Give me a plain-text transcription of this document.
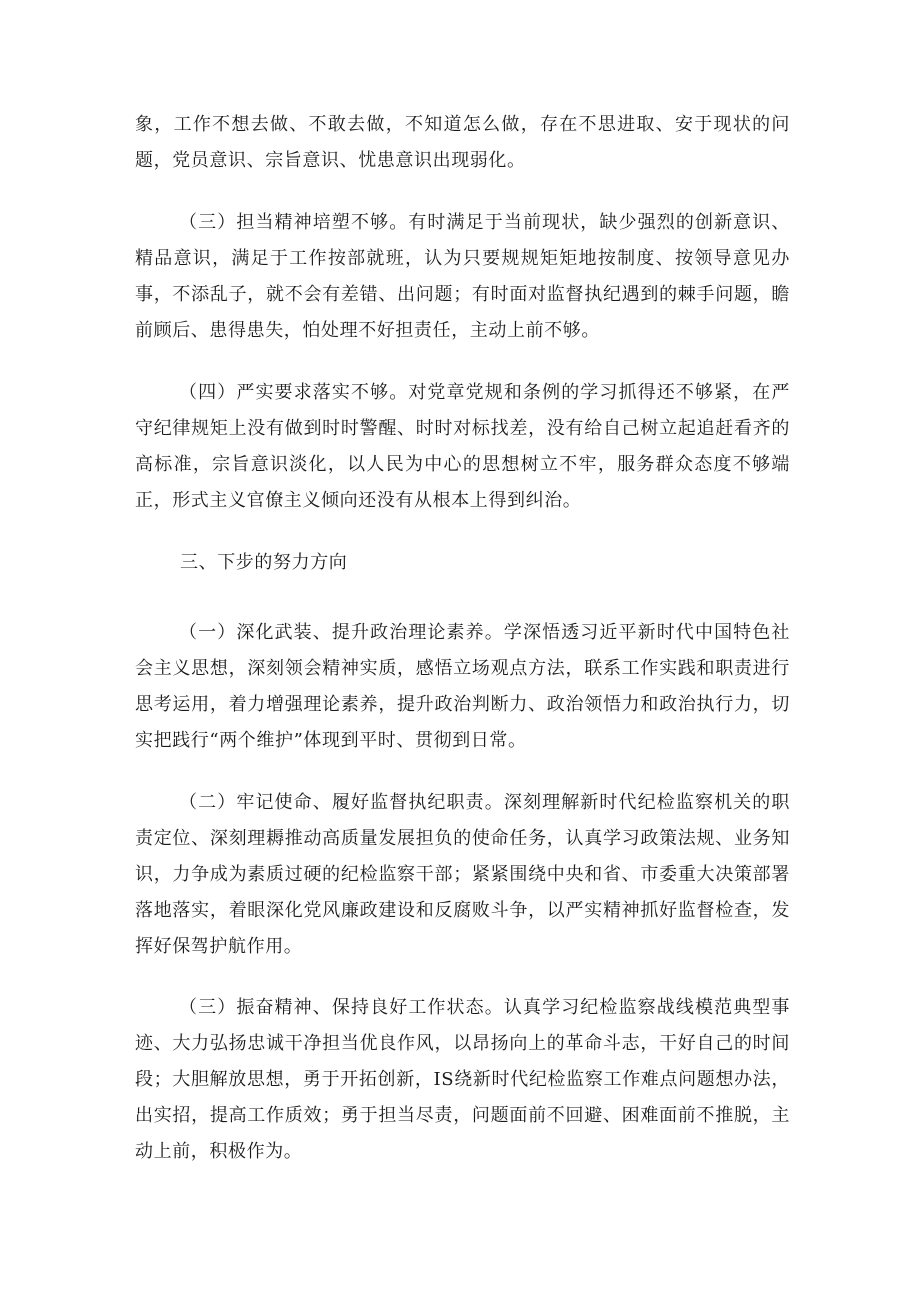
象，工作不想去做、不敢去做，不知道怎么做，存在不思进取、安于现状的问题，党员意识、宗旨意识、忧患意识出现弱化。

（三）担当精神培塑不够。有时满足于当前现状，缺少强烈的创新意识、精品意识，满足于工作按部就班，认为只要规规矩矩地按制度、按领导意见办事，不添乱子，就不会有差错、出问题；有时面对监督执纪遇到的棘手问题，瞻前顾后、患得患失，怕处理不好担责任，主动上前不够。

（四）严实要求落实不够。对党章党规和条例的学习抓得还不够紧，在严守纪律规矩上没有做到时时警醒、时时对标找差，没有给自己树立起追赶看齐的高标准，宗旨意识淡化，以人民为中心的思想树立不牢，服务群众态度不够端正，形式主义官僚主义倾向还没有从根本上得到纠治。

三、下步的努力方向

（一）深化武装、提升政治理论素养。学深悟透习近平新时代中国特色社会主义思想，深刻领会精神实质，感悟立场观点方法，联系工作实践和职责进行思考运用，着力增强理论素养，提升政治判断力、政治领悟力和政治执行力，切实把践行“两个维护”体现到平时、贯彻到日常。

（二）牢记使命、履好监督执纪职责。深刻理解新时代纪检监察机关的职责定位、深刻理耨推动高质量发展担负的使命任务，认真学习政策法规、业务知识，力争成为素质过硬的纪检监察干部；紧紧围绕中央和省、市委重大决策部署落地落实，着眼深化党风廉政建设和反腐败斗争，以严实精神抓好监督检查，发挥好保驾护航作用。

（三）振奋精神、保持良好工作状态。认真学习纪检监察战线模范典型事迹、大力弘扬忠诚干净担当优良作风，以昂扬向上的革命斗志，干好自己的时间段；大胆解放思想，勇于开拓创新，IS绕新时代纪检监察工作难点问题想办法，出实招，提高工作质效；勇于担当尽责，问题面前不回避、困难面前不推脱，主动上前，积极作为。
